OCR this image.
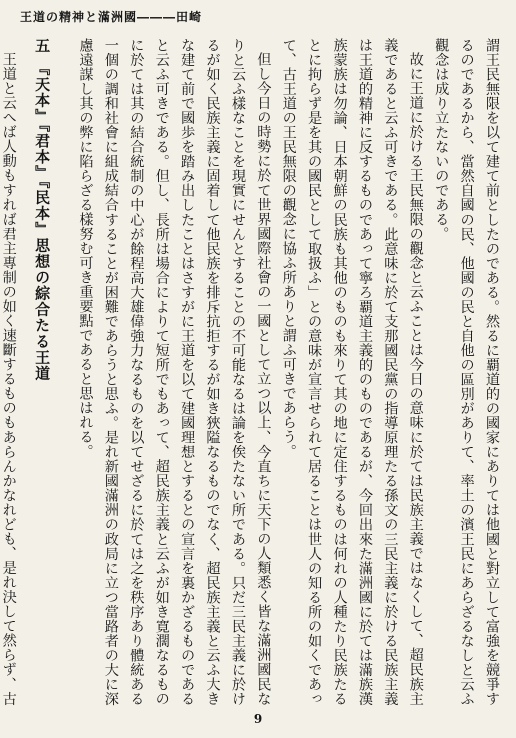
王道の精神と滿洲國―――田崎

謂王民無限を以て建て前としたのである。然るに覇道的の國家にありては他國と對立して富強を競爭するのであるから、當然自國の民、他國の民と自他の區別がありて、率土の濱王民にあらざるなしと云ふ觀念は成り立たないのである。

故に王道に於ける王民無限の觀念と云ふことは今日の意味に於ては民族主義ではなくして、超民族主義であると云ふ可きである。此意味に於て支那國民黨の指導原理たる孫文の三民主義に於ける民族主義は王道的精神に反するものであって寧ろ覇道主義的のものであるが、今回出來た滿洲國に於ては滿族漢族蒙族は勿論、日本朝鮮の民族も其他のものも來りて其の地に定住するものは何れの人種たり民族たるとに拘らず是を其の國民として取扱ふ」との意味が宣言せられて居ることは世人の知る所の如くであって、古王道の王民無限の觀念に協ふ所ありと謂ふ可きであらう。

但し今日の時勢に於て世界國際社會の一國として立つ以上、今直ちに天下の人類悉く皆な滿洲國民なりと云ふ樣なことを現實にせんとすることの不可能なるは論を俟たない所である。只だ三民主義に於けるが如く民族主義に固着して他民族を排斥抗拒するが如き狹隘なるものでなく、超民族主義と云ふ大きな建て前で國歩を踏み出したことはさすがに王道を以て建國理想とするとの宣言を裏かざるものであると云ふ可きである。但し、長所は場合によりて短所でもあって、超民族主義と云ふが如き寛濶なるものに於ては其の結合統制の中心が餘程高大雄偉強力なるものを以てせざるに於ては之を秩序あり體統ある一個の調和社會に組成結合することが困難であらうと思ふ。是れ新國滿洲の政局に立つ當路者の大に深慮遠謀し其の弊に陷らざる樣努む可き重要點であると思はれる。

五 『天本』『君本』『民本』思想の綜合たる王道

王道と云へば人動もすれば君主專制の如く速斷するものもあらんかなれども、是れ決して然らず、古

9
